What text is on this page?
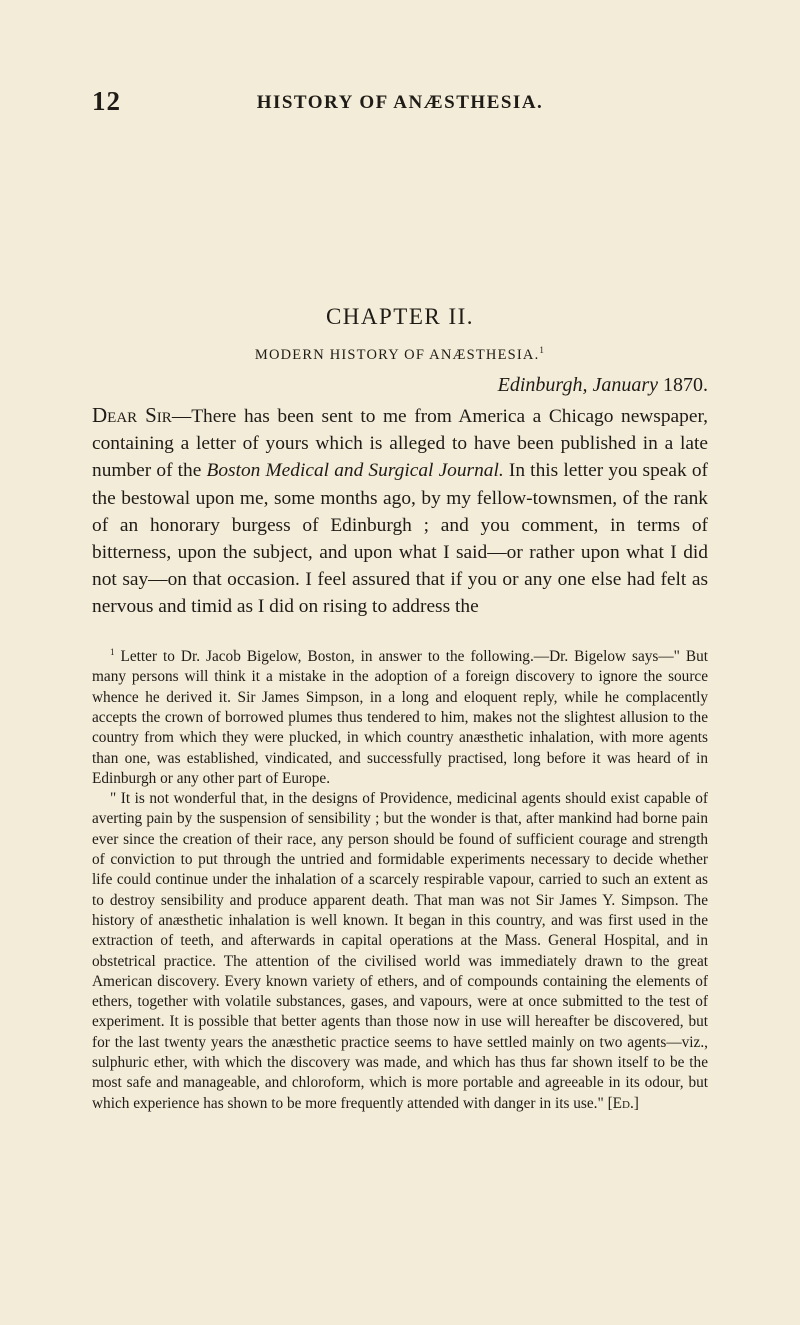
12	HISTORY OF ANÆSTHESIA.
CHAPTER II.
MODERN HISTORY OF ANÆSTHESIA.$^1$
Edinburgh, January 1870.

Dear Sir—There has been sent to me from America a Chicago newspaper, containing a letter of yours which is alleged to have been published in a late number of the Boston Medical and Surgical Journal. In this letter you speak of the bestowal upon me, some months ago, by my fellow-townsmen, of the rank of an honorary burgess of Edinburgh ; and you comment, in terms of bitterness, upon the subject, and upon what I said—or rather upon what I did not say—on that occasion. I feel assured that if you or any one else had felt as nervous and timid as I did on rising to address the

$^1$ Letter to Dr. Jacob Bigelow, Boston, in answer to the following.—Dr. Bigelow says—" But many persons will think it a mistake in the adoption of a foreign discovery to ignore the source whence he derived it. Sir James Simpson, in a long and eloquent reply, while he complacently accepts the crown of borrowed plumes thus tendered to him, makes not the slightest allusion to the country from which they were plucked, in which country anæsthetic inhalation, with more agents than one, was established, vindicated, and successfully practised, long before it was heard of in Edinburgh or any other part of Europe.

" It is not wonderful that, in the designs of Providence, medicinal agents should exist capable of averting pain by the suspension of sensibility ; but the wonder is that, after mankind had borne pain ever since the creation of their race, any person should be found of sufficient courage and strength of conviction to put through the untried and formidable experiments necessary to decide whether life could continue under the inhalation of a scarcely respirable vapour, carried to such an extent as to destroy sensibility and produce apparent death. That man was not Sir James Y. Simpson. The history of anæsthetic inhalation is well known. It began in this country, and was first used in the extraction of teeth, and afterwards in capital operations at the Mass. General Hospital, and in obstetrical practice. The attention of the civilised world was immediately drawn to the great American discovery. Every known variety of ethers, and of compounds containing the elements of ethers, together with volatile substances, gases, and vapours, were at once submitted to the test of experiment. It is possible that better agents than those now in use will hereafter be discovered, but for the last twenty years the anæsthetic practice seems to have settled mainly on two agents—viz., sulphuric ether, with which the discovery was made, and which has thus far shown itself to be the most safe and manageable, and chloroform, which is more portable and agreeable in its odour, but which experience has shown to be more frequently attended with danger in its use." [Ed.]
